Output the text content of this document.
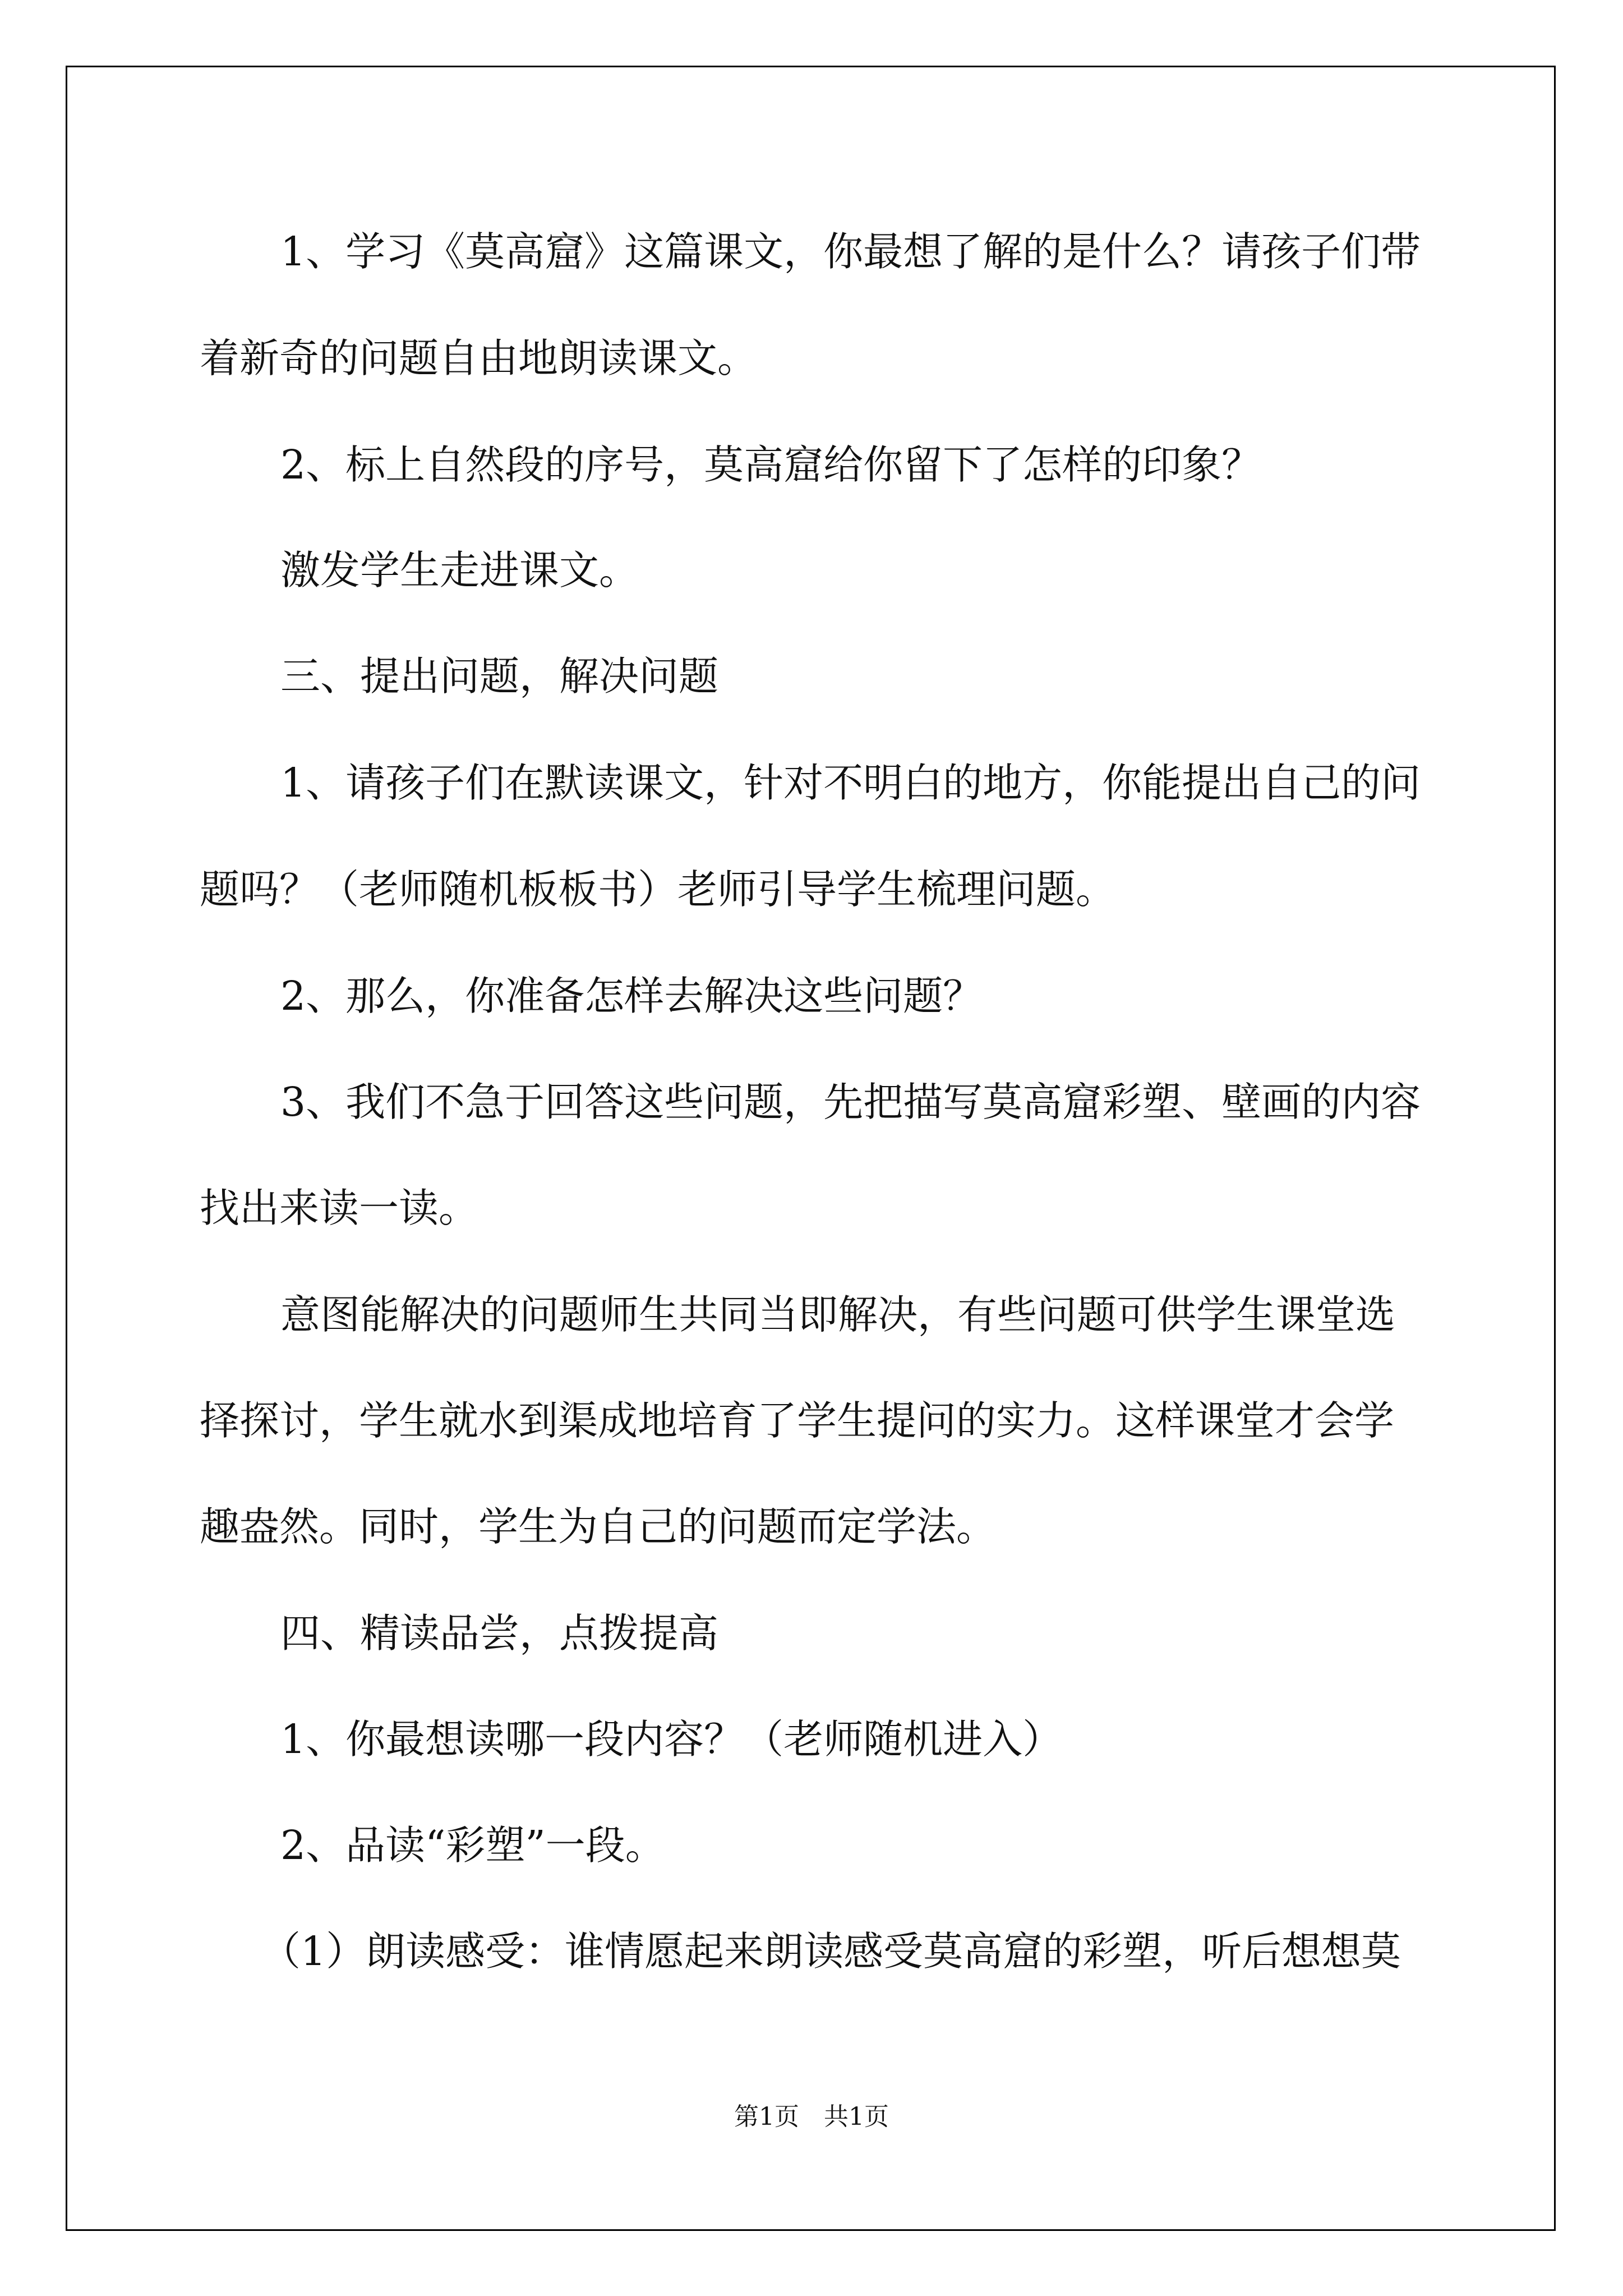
1、学习《莫高窟》这篇课文，你最想了解的是什么？请孩子们带

着新奇的问题自由地朗读课文。

2、标上自然段的序号，莫高窟给你留下了怎样的印象？

激发学生走进课文。

三、提出问题，解决问题

1、请孩子们在默读课文，针对不明白的地方，你能提出自己的问

题吗？（老师随机板板书）老师引导学生梳理问题。

2、那么，你准备怎样去解决这些问题？

3、我们不急于回答这些问题，先把描写莫高窟彩塑、壁画的内容

找出来读一读。

意图能解决的问题师生共同当即解决，有些问题可供学生课堂选

择探讨，学生就水到渠成地培育了学生提问的实力。这样课堂才会学

趣盎然。同时，学生为自己的问题而定学法。

四、精读品尝，点拨提高

1、你最想读哪一段内容？（老师随机进入）

2、品读“彩塑”一段。

（1）朗读感受：谁情愿起来朗读感受莫高窟的彩塑，听后想想莫

第1页 共1页
